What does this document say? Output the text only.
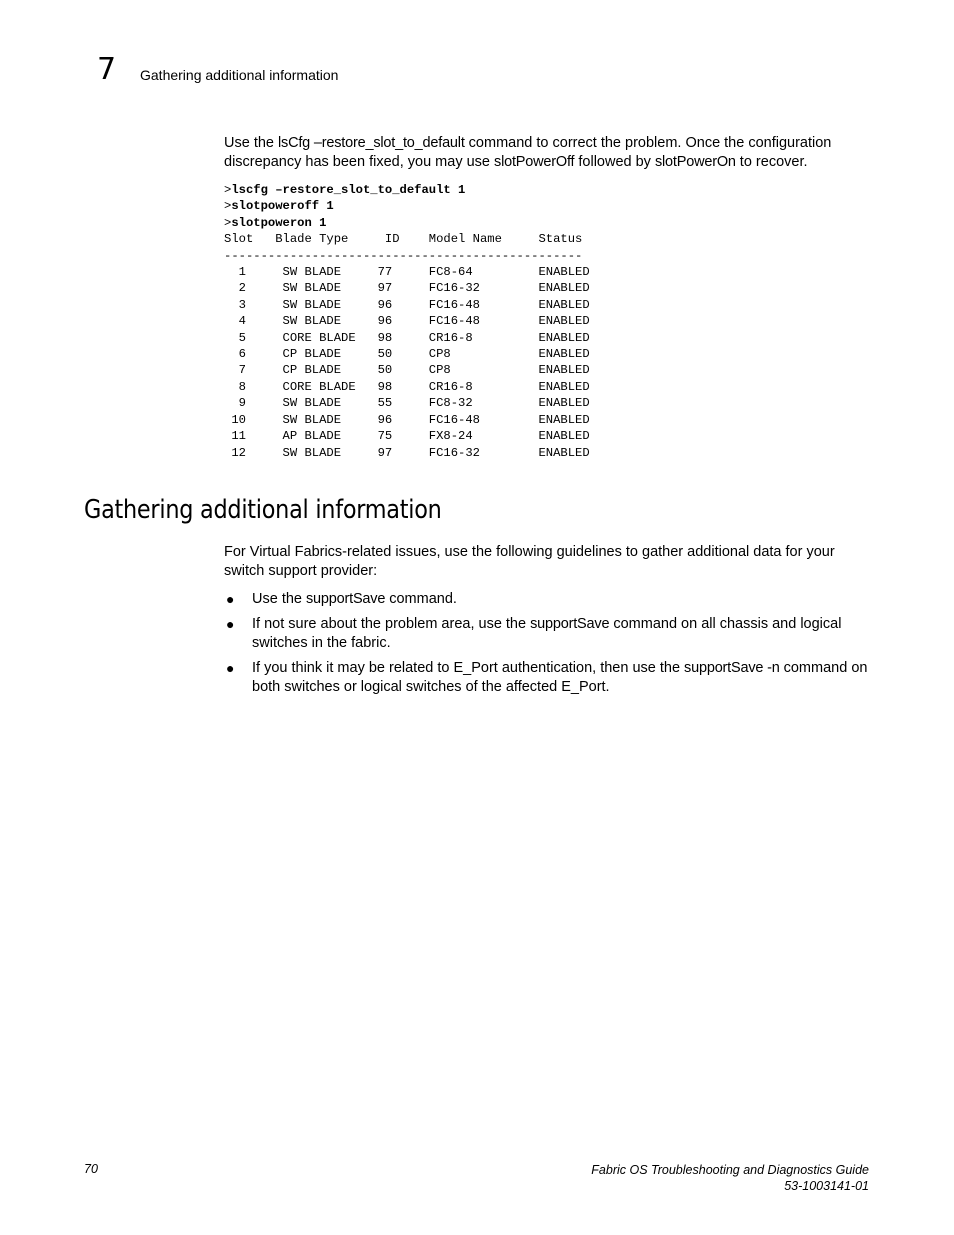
7 Gathering additional information

Use the lsCfg –restore_slot_to_default command to correct the problem. Once the configuration discrepancy has been fixed, you may use slotPowerOff followed by slotPowerOn to recover.

>lscfg –restore_slot_to_default 1
>slotpoweroff 1
>slotpoweron 1
Slot   Blade Type     ID    Model Name     Status
-------------------------------------------------
1     SW BLADE     77     FC8-64         ENABLED
2     SW BLADE     97     FC16-32        ENABLED
3     SW BLADE     96     FC16-48        ENABLED
4     SW BLADE     96     FC16-48        ENABLED
5     CORE BLADE   98     CR16-8         ENABLED
6     CP BLADE     50     CP8            ENABLED
7     CP BLADE     50     CP8            ENABLED
8     CORE BLADE   98     CR16-8         ENABLED
9     SW BLADE     55     FC8-32         ENABLED
10     SW BLADE     96     FC16-48        ENABLED
11     AP BLADE     75     FX8-24         ENABLED
12     SW BLADE     97     FC16-32        ENABLED
Gathering additional information

For Virtual Fabrics-related issues, use the following guidelines to gather additional data for your switch support provider:

● Use the supportSave command.
● If not sure about the problem area, use the supportSave command on all chassis and logical switches in the fabric.
● If you think it may be related to E_Port authentication, then use the supportSave -n command on both switches or logical switches of the affected E_Port.
70	Fabric OS Troubleshooting and Diagnostics Guide
53-1003141-01
